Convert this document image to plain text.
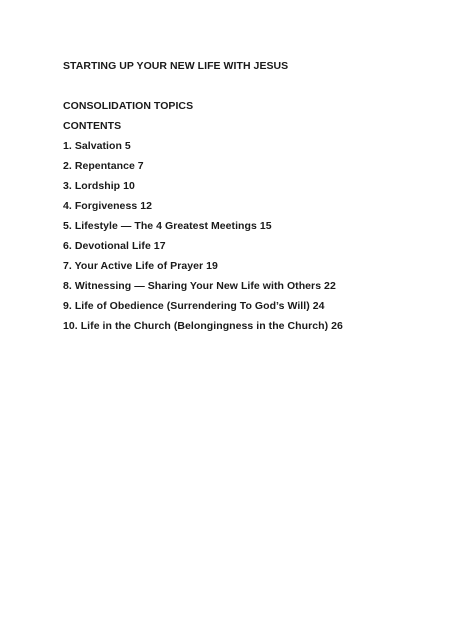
STARTING UP YOUR NEW LIFE WITH JESUS

CONSOLIDATION TOPICS

CONTENTS

1. Salvation 5
2. Repentance 7
3. Lordship 10
4. Forgiveness 12
5. Lifestyle — The 4 Greatest Meetings 15
6. Devotional Life 17
7. Your Active Life of Prayer 19
8. Witnessing — Sharing Your New Life with Others 22
9. Life of Obedience (Surrendering To God’s Will) 24
10. Life in the Church (Belongingness in the Church) 26
